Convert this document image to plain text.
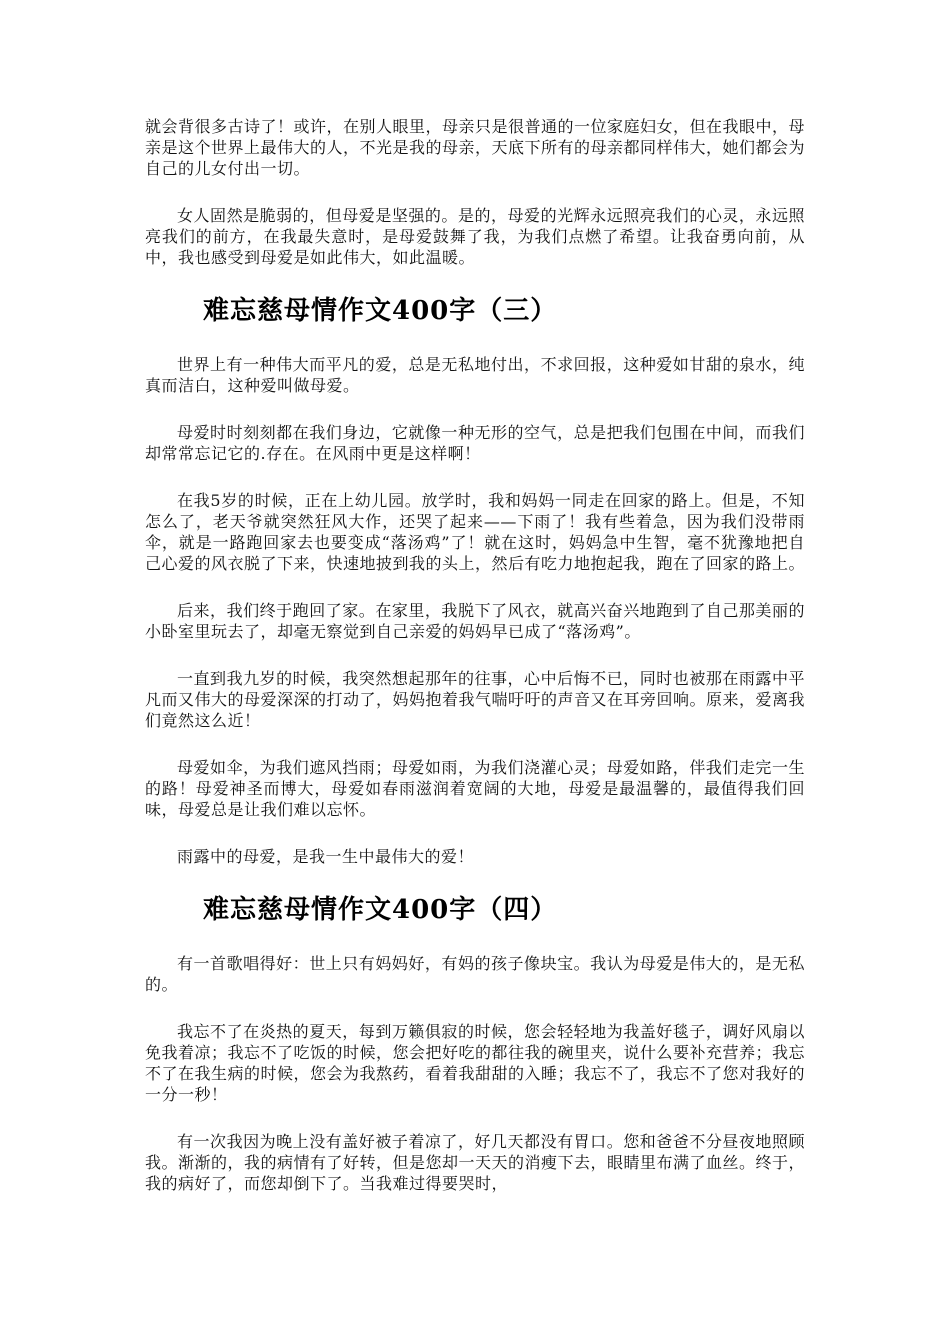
就会背很多古诗了！或许，在别人眼里，母亲只是很普通的一位家庭妇女，但在我眼中，母亲是这个世界上最伟大的人，不光是我的母亲，天底下所有的母亲都同样伟大，她们都会为自己的儿女付出一切。

女人固然是脆弱的，但母爱是坚强的。是的，母爱的光辉永远照亮我们的心灵，永远照亮我们的前方，在我最失意时，是母爱鼓舞了我，为我们点燃了希望。让我奋勇向前，从中，我也感受到母爱是如此伟大，如此温暖。

难忘慈母情作文400字（三）

世界上有一种伟大而平凡的爱，总是无私地付出，不求回报，这种爱如甘甜的泉水，纯真而洁白，这种爱叫做母爱。

母爱时时刻刻都在我们身边，它就像一种无形的空气，总是把我们包围在中间，而我们却常常忘记它的.存在。在风雨中更是这样啊！

在我5岁的时候，正在上幼儿园。放学时，我和妈妈一同走在回家的路上。但是，不知怎么了，老天爷就突然狂风大作，还哭了起来——下雨了！我有些着急，因为我们没带雨伞，就是一路跑回家去也要变成“落汤鸡”了！就在这时，妈妈急中生智，毫不犹豫地把自己心爱的风衣脱了下来，快速地披到我的头上，然后有吃力地抱起我，跑在了回家的路上。

后来，我们终于跑回了家。在家里，我脱下了风衣，就高兴奋兴地跑到了自己那美丽的小卧室里玩去了，却毫无察觉到自己亲爱的妈妈早已成了“落汤鸡”。

一直到我九岁的时候，我突然想起那年的往事，心中后悔不已，同时也被那在雨露中平凡而又伟大的母爱深深的打动了，妈妈抱着我气喘吁吁的声音又在耳旁回响。原来，爱离我们竟然这么近！

母爱如伞，为我们遮风挡雨；母爱如雨，为我们浇灌心灵；母爱如路，伴我们走完一生的路！母爱神圣而博大，母爱如春雨滋润着宽阔的大地，母爱是最温馨的，最值得我们回味，母爱总是让我们难以忘怀。

雨露中的母爱，是我一生中最伟大的爱！

难忘慈母情作文400字（四）

有一首歌唱得好：世上只有妈妈好，有妈的孩子像块宝。我认为母爱是伟大的，是无私的。

我忘不了在炎热的夏天，每到万籁俱寂的时候，您会轻轻地为我盖好毯子，调好风扇以免我着凉；我忘不了吃饭的时候，您会把好吃的都往我的碗里夹，说什么要补充营养；我忘不了在我生病的时候，您会为我熬药，看着我甜甜的入睡；我忘不了，我忘不了您对我好的一分一秒！

有一次我因为晚上没有盖好被子着凉了，好几天都没有胃口。您和爸爸不分昼夜地照顾我。渐渐的，我的病情有了好转，但是您却一天天的消瘦下去，眼睛里布满了血丝。终于，我的病好了，而您却倒下了。当我难过得要哭时，
